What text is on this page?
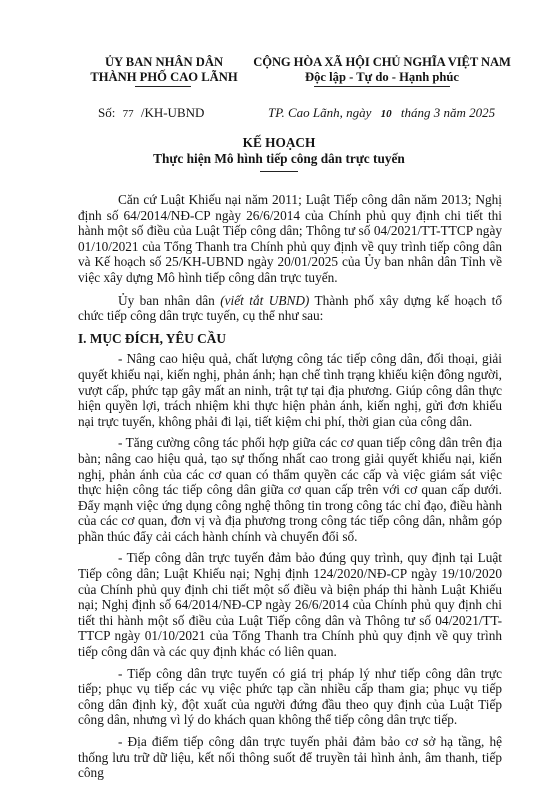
ỦY BAN NHÂN DÂN
THÀNH PHỐ CAO LÃNH
CỘNG HÒA XÃ HỘI CHỦ NGHĨA VIỆT NAM
Độc lập - Tự do - Hạnh phúc
Số: 77 /KH-UBND	TP. Cao Lãnh, ngày 10 tháng 3 năm 2025
KẾ HOẠCH
Thực hiện Mô hình tiếp công dân trực tuyến

Căn cứ Luật Khiếu nại năm 2011; Luật Tiếp công dân năm 2013; Nghị định số 64/2014/NĐ-CP ngày 26/6/2014 của Chính phủ quy định chi tiết thi hành một số điều của Luật Tiếp công dân; Thông tư số 04/2021/TT-TTCP ngày 01/10/2021 của Tổng Thanh tra Chính phủ quy định về quy trình tiếp công dân và Kế hoạch số 25/KH-UBND ngày 20/01/2025 của Ủy ban nhân dân Tỉnh về việc xây dựng Mô hình tiếp công dân trực tuyến.

Ủy ban nhân dân (viết tắt UBND) Thành phố xây dựng kế hoạch tổ chức tiếp công dân trực tuyến, cụ thể như sau:

I. MỤC ĐÍCH, YÊU CẦU

- Nâng cao hiệu quả, chất lượng công tác tiếp công dân, đối thoại, giải quyết khiếu nại, kiến nghị, phản ánh; hạn chế tình trạng khiếu kiện đông người, vượt cấp, phức tạp gây mất an ninh, trật tự tại địa phương. Giúp công dân thực hiện quyền lợi, trách nhiệm khi thực hiện phản ánh, kiến nghị, gửi đơn khiếu nại trực tuyến, không phải đi lại, tiết kiệm chi phí, thời gian của công dân.

- Tăng cường công tác phối hợp giữa các cơ quan tiếp công dân trên địa bàn; nâng cao hiệu quả, tạo sự thống nhất cao trong giải quyết khiếu nại, kiến nghị, phản ánh của các cơ quan có thẩm quyền các cấp và việc giám sát việc thực hiện công tác tiếp công dân giữa cơ quan cấp trên với cơ quan cấp dưới. Đẩy mạnh việc ứng dụng công nghệ thông tin trong công tác chỉ đạo, điều hành của các cơ quan, đơn vị và địa phương trong công tác tiếp công dân, nhằm góp phần thúc đẩy cải cách hành chính và chuyển đổi số.

- Tiếp công dân trực tuyến đảm bảo đúng quy trình, quy định tại Luật Tiếp công dân; Luật Khiếu nại; Nghị định 124/2020/NĐ-CP ngày 19/10/2020 của Chính phủ quy định chi tiết một số điều và biện pháp thi hành Luật Khiếu nại; Nghị định số 64/2014/NĐ-CP ngày 26/6/2014 của Chính phủ quy định chi tiết thi hành một số điều của Luật Tiếp công dân và Thông tư số 04/2021/TT-TTCP ngày 01/10/2021 của Tổng Thanh tra Chính phủ quy định về quy trình tiếp công dân và các quy định khác có liên quan.

- Tiếp công dân trực tuyến có giá trị pháp lý như tiếp công dân trực tiếp; phục vụ tiếp các vụ việc phức tạp cần nhiều cấp tham gia; phục vụ tiếp công dân định kỳ, đột xuất của người đứng đầu theo quy định của Luật Tiếp công dân, nhưng vì lý do khách quan không thể tiếp công dân trực tiếp.

- Địa điểm tiếp công dân trực tuyến phải đảm bảo cơ sở hạ tầng, hệ thống lưu trữ dữ liệu, kết nối thông suốt để truyền tải hình ảnh, âm thanh, tiếp công
